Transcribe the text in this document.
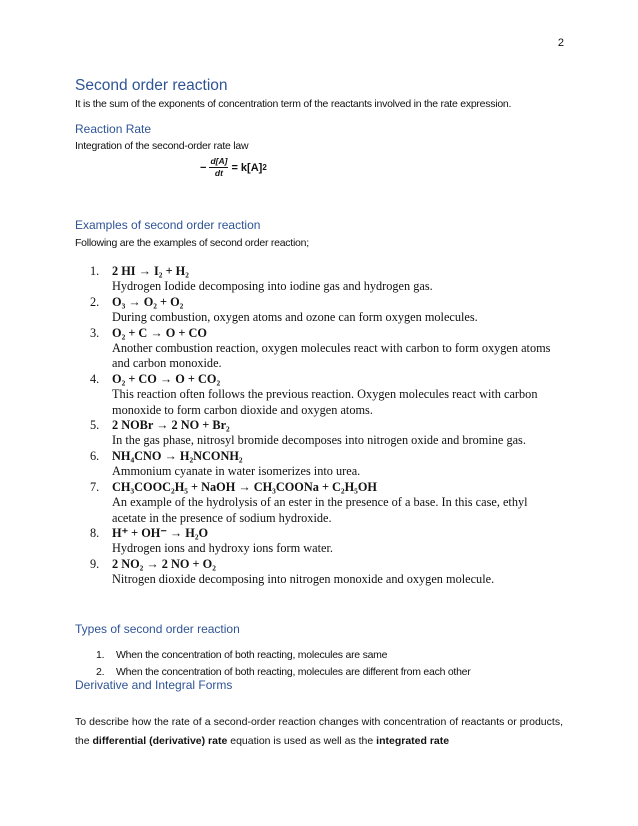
2
Second order reaction
It is the sum of the exponents of concentration term of the reactants involved in the rate expression.
Reaction Rate
Integration of the second-order rate law
− $\frac{d[A]}{dt} = k[A]$ 2
Examples of second order reaction
Following are the examples of second order reaction;
1.	2 HI → I₂ + H₂
Hydrogen Iodide decomposing into iodine gas and hydrogen gas.
2.	O₃ → O₂ + O₂
During combustion, oxygen atoms and ozone can form oxygen molecules.
3.	O₂ + C → O + CO
Another combustion reaction, oxygen molecules react with carbon to form oxygen atoms and carbon monoxide.
4.	O₂ + CO → O + CO₂
This reaction often follows the previous reaction. Oxygen molecules react with carbon monoxide to form carbon dioxide and oxygen atoms.
5.	2 NOBr → 2 NO + Br₂
In the gas phase, nitrosyl bromide decomposes into nitrogen oxide and bromine gas.
6.	NH₄CNO → H₂NCONH₂
Ammonium cyanate in water isomerizes into urea.
7.	CH₃COOC₂H₅ + NaOH → CH₃COONa + C₂H₅OH
An example of the hydrolysis of an ester in the presence of a base. In this case, ethyl acetate in the presence of sodium hydroxide.
8.	H⁺ + OH⁻ → H₂O
Hydrogen ions and hydroxy ions form water.
9.	2 NO₂ → 2 NO + O₂
Nitrogen dioxide decomposing into nitrogen monoxide and oxygen molecule.
Types of second order reaction
1.	When the concentration of both reacting, molecules are same
2.	When the concentration of both reacting, molecules are different from each other
Derivative and Integral Forms
To describe how the rate of a second-order reaction changes with concentration of reactants or products, the differential (derivative) rate equation is used as well as the integrated rate
